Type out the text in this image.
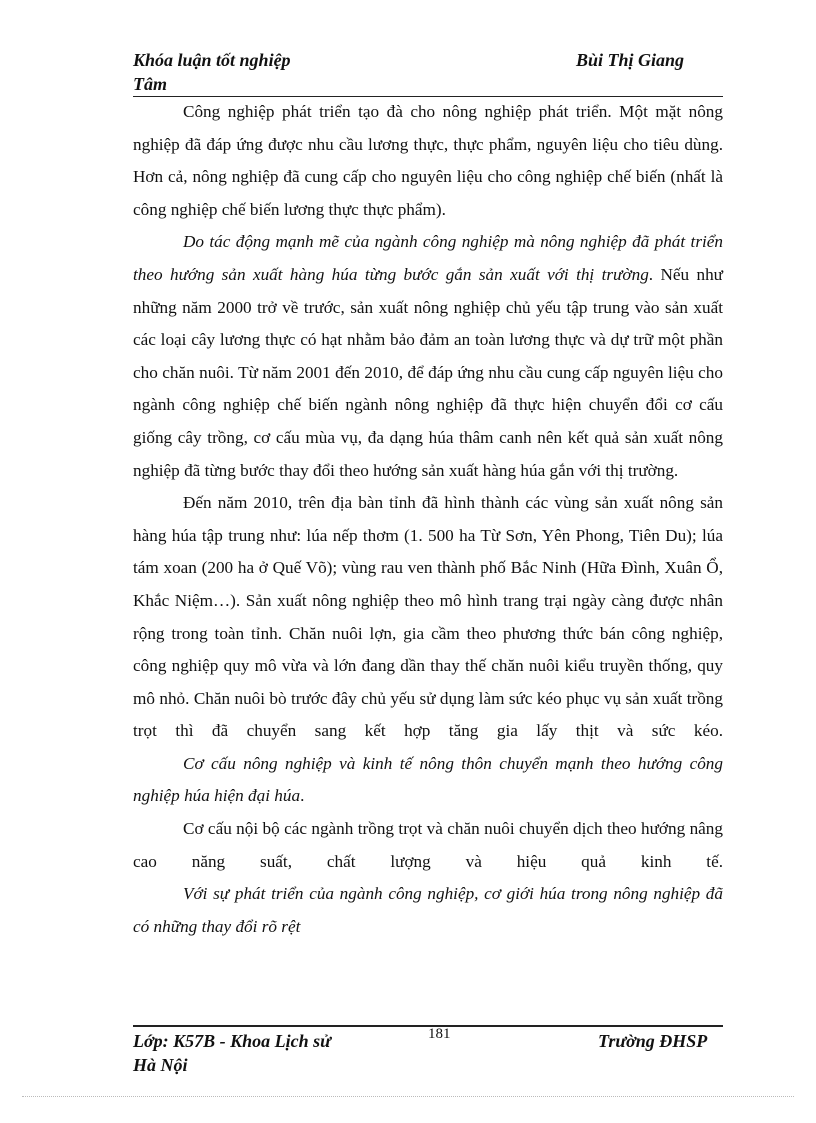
Khóa luận tốt nghiệp	Bùi Thị Giang
Tâm

Công nghiệp phát triển tạo đà cho nông nghiệp phát triển. Một mặt nông nghiệp đã đáp ứng được nhu cầu lương thực, thực phẩm, nguyên liệu cho tiêu dùng. Hơn cả, nông nghiệp đã cung cấp cho nguyên liệu cho công nghiệp chế biến (nhất là công nghiệp chế biến lương thực thực phẩm).

Do tác động mạnh mẽ của ngành công nghiệp mà nông nghiệp đã phát triển theo hướng sản xuất hàng húa từng bước gắn sản xuất với thị trường. Nếu như những năm 2000 trở về trước, sản xuất nông nghiệp chủ yếu tập trung vào sản xuất các loại cây lương thực có hạt nhằm bảo đảm an toàn lương thực và dự trữ một phần cho chăn nuôi. Từ năm 2001 đến 2010, để đáp ứng nhu cầu cung cấp nguyên liệu cho ngành công nghiệp chế biến ngành nông nghiệp đã thực hiện chuyển đổi cơ cấu giống cây trồng, cơ cấu mùa vụ, đa dạng húa thâm canh nên kết quả sản xuất nông nghiệp đã từng bước thay đổi theo hướng sản xuất hàng húa gắn với thị trường.

Đến năm 2010, trên địa bàn tỉnh đã hình thành các vùng sản xuất nông sản hàng húa tập trung như: lúa nếp thơm (1. 500 ha Từ Sơn, Yên Phong, Tiên Du); lúa tám xoan (200 ha ở Quế Võ); vùng rau ven thành phố Bắc Ninh (Hữa Đình, Xuân Ổ, Khắc Niệm…). Sản xuất nông nghiệp theo mô hình trang trại ngày càng được nhân rộng trong toàn tỉnh. Chăn nuôi lợn, gia cầm theo phương thức bán công nghiệp, công nghiệp quy mô vừa và lớn đang dần thay thế chăn nuôi kiểu truyền thống, quy mô nhỏ. Chăn nuôi bò trước đây chủ yếu sử dụng làm sức kéo phục vụ sản xuất trồng trọt thì đã chuyển sang kết hợp tăng gia lấy thịt và sức kéo.

Cơ cấu nông nghiệp và kinh tế nông thôn chuyển mạnh theo hướng công nghiệp húa hiện đại húa.

Cơ cấu nội bộ các ngành trồng trọt và chăn nuôi chuyển dịch theo hướng nâng cao năng suất, chất lượng và hiệu quả kinh tế.

Với sự phát triển của ngành công nghiệp, cơ giới húa trong nông nghiệp đã có những thay đổi rõ rệt

Lớp: K57B - Khoa Lịch sử	181	Trường ĐHSP
Hà Nội
